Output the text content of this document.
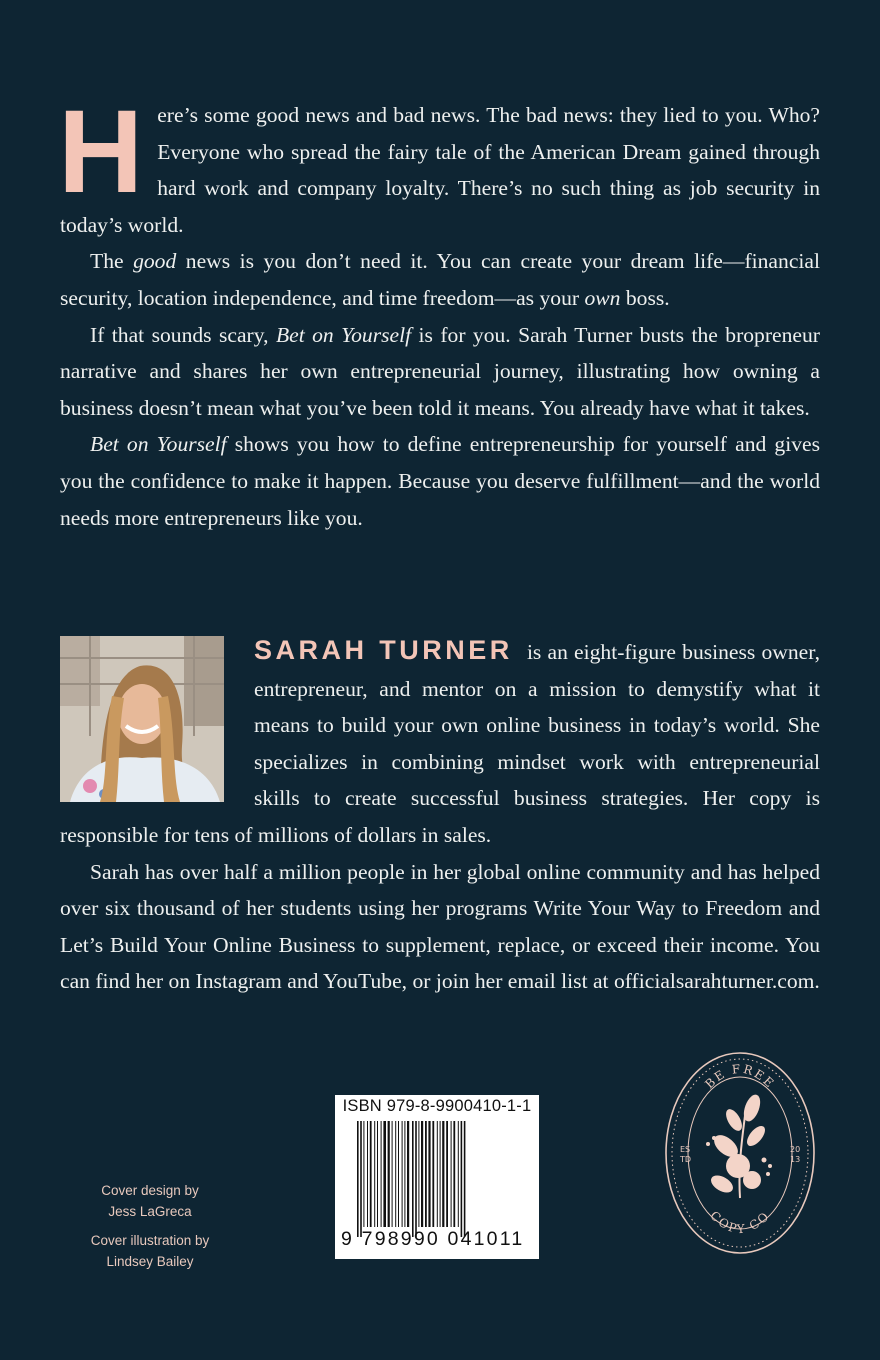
Here’s some good news and bad news. The bad news: they lied to you. Who? Everyone who spread the fairy tale of the American Dream gained through hard work and company loyalty. There’s no such thing as job security in today’s world.

The good news is you don’t need it. You can create your dream life—financial security, location independence, and time freedom—as your own boss.

If that sounds scary, Bet on Yourself is for you. Sarah Turner busts the bropreneur narrative and shares her own entrepreneurial journey, illustrating how owning a business doesn’t mean what you’ve been told it means. You already have what it takes.

Bet on Yourself shows you how to define entrepreneurship for yourself and gives you the confidence to make it happen. Because you deserve fulfillment—and the world needs more entrepreneurs like you.

SARAH TURNER is an eight-figure business owner, entrepreneur, and mentor on a mission to demystify what it means to build your own online business in today’s world. She specializes in combining mindset work with entrepreneurial skills to create successful business strategies. Her copy is responsible for tens of millions of dollars in sales.

Sarah has over half a million people in her global online community and has helped over six thousand of her students using her programs Write Your Way to Freedom and Let’s Build Your Online Business to supplement, replace, or exceed their income. You can find her on Instagram and YouTube, or join her email list at officialsarahturner.com.

Cover design by
Jess LaGreca
Cover illustration by
Lindsey Bailey
ISBN 979-8-9900410-1-1
9 798990 041011
BE FREE
COPY CO
ES
TD
20
13
